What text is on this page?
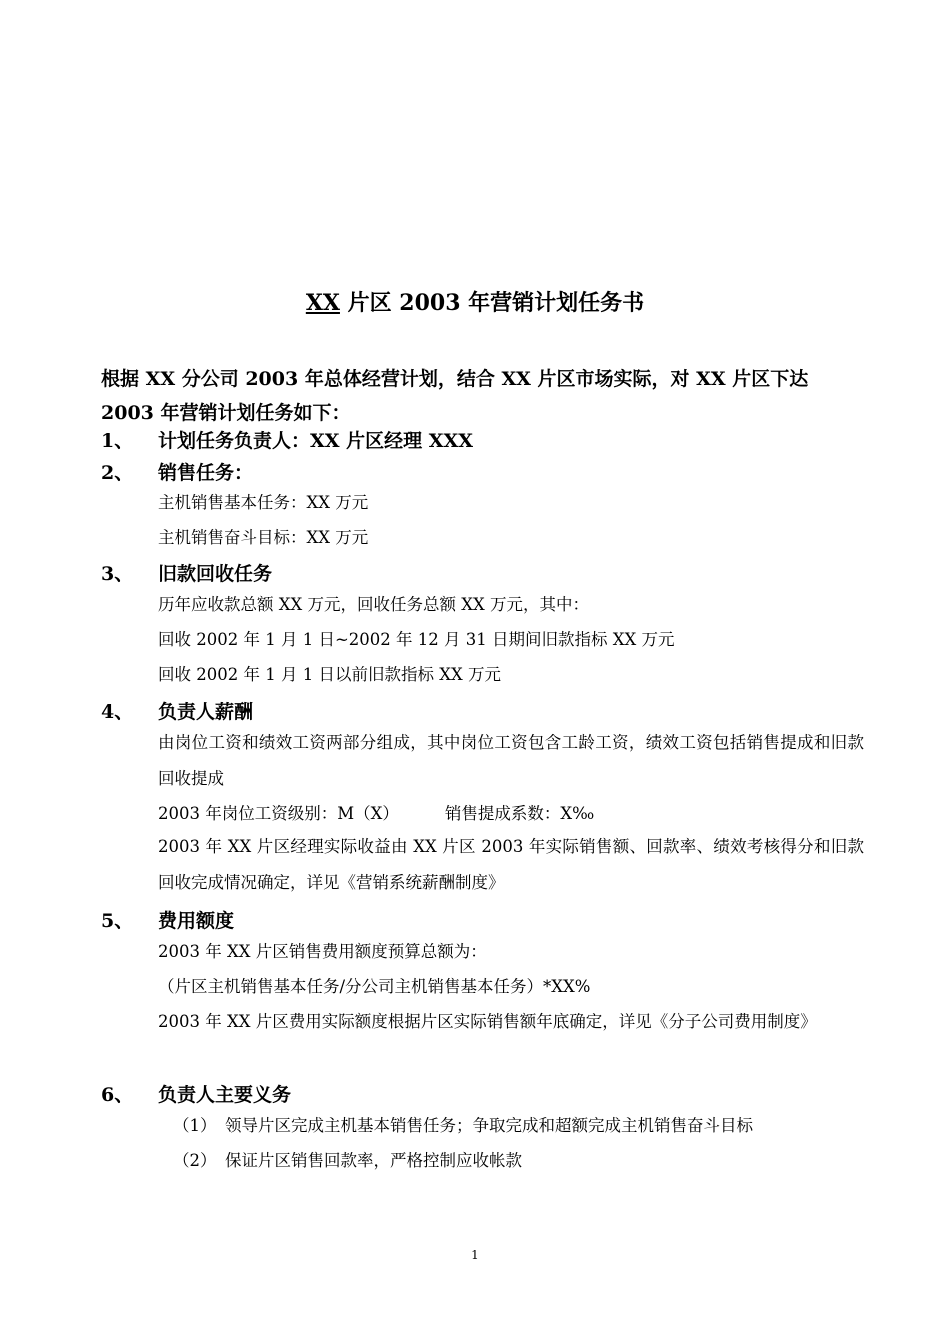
XX 片区 2003 年营销计划任务书
根据 XX 分公司 2003 年总体经营计划，结合 XX 片区市场实际，对 XX 片区下达 2003 年营销计划任务如下：
1、 计划任务负责人：XX 片区经理 XXX
2、 销售任务：
主机销售基本任务：XX 万元
主机销售奋斗目标：XX 万元
3、 旧款回收任务
历年应收款总额 XX 万元，回收任务总额 XX 万元，其中：
回收 2002 年 1 月 1 日~2002 年 12 月 31 日期间旧款指标 XX 万元
回收 2002 年 1 月 1 日以前旧款指标 XX 万元
4、 负责人薪酬
由岗位工资和绩效工资两部分组成，其中岗位工资包含工龄工资，绩效工资包括销售提成和旧款回收提成
2003 年岗位工资级别：M（X）	销售提成系数：X‰
2003 年 XX 片区经理实际收益由 XX 片区 2003 年实际销售额、回款率、绩效考核得分和旧款回收完成情况确定，详见《营销系统薪酬制度》
5、 费用额度
2003 年 XX 片区销售费用额度预算总额为：
（片区主机销售基本任务/分公司主机销售基本任务）*XX%
2003 年 XX 片区费用实际额度根据片区实际销售额年底确定，详见《分子公司费用制度》
6、 负责人主要义务
（1） 领导片区完成主机基本销售任务；争取完成和超额完成主机销售奋斗目标
（2） 保证片区销售回款率，严格控制应收帐款
1
